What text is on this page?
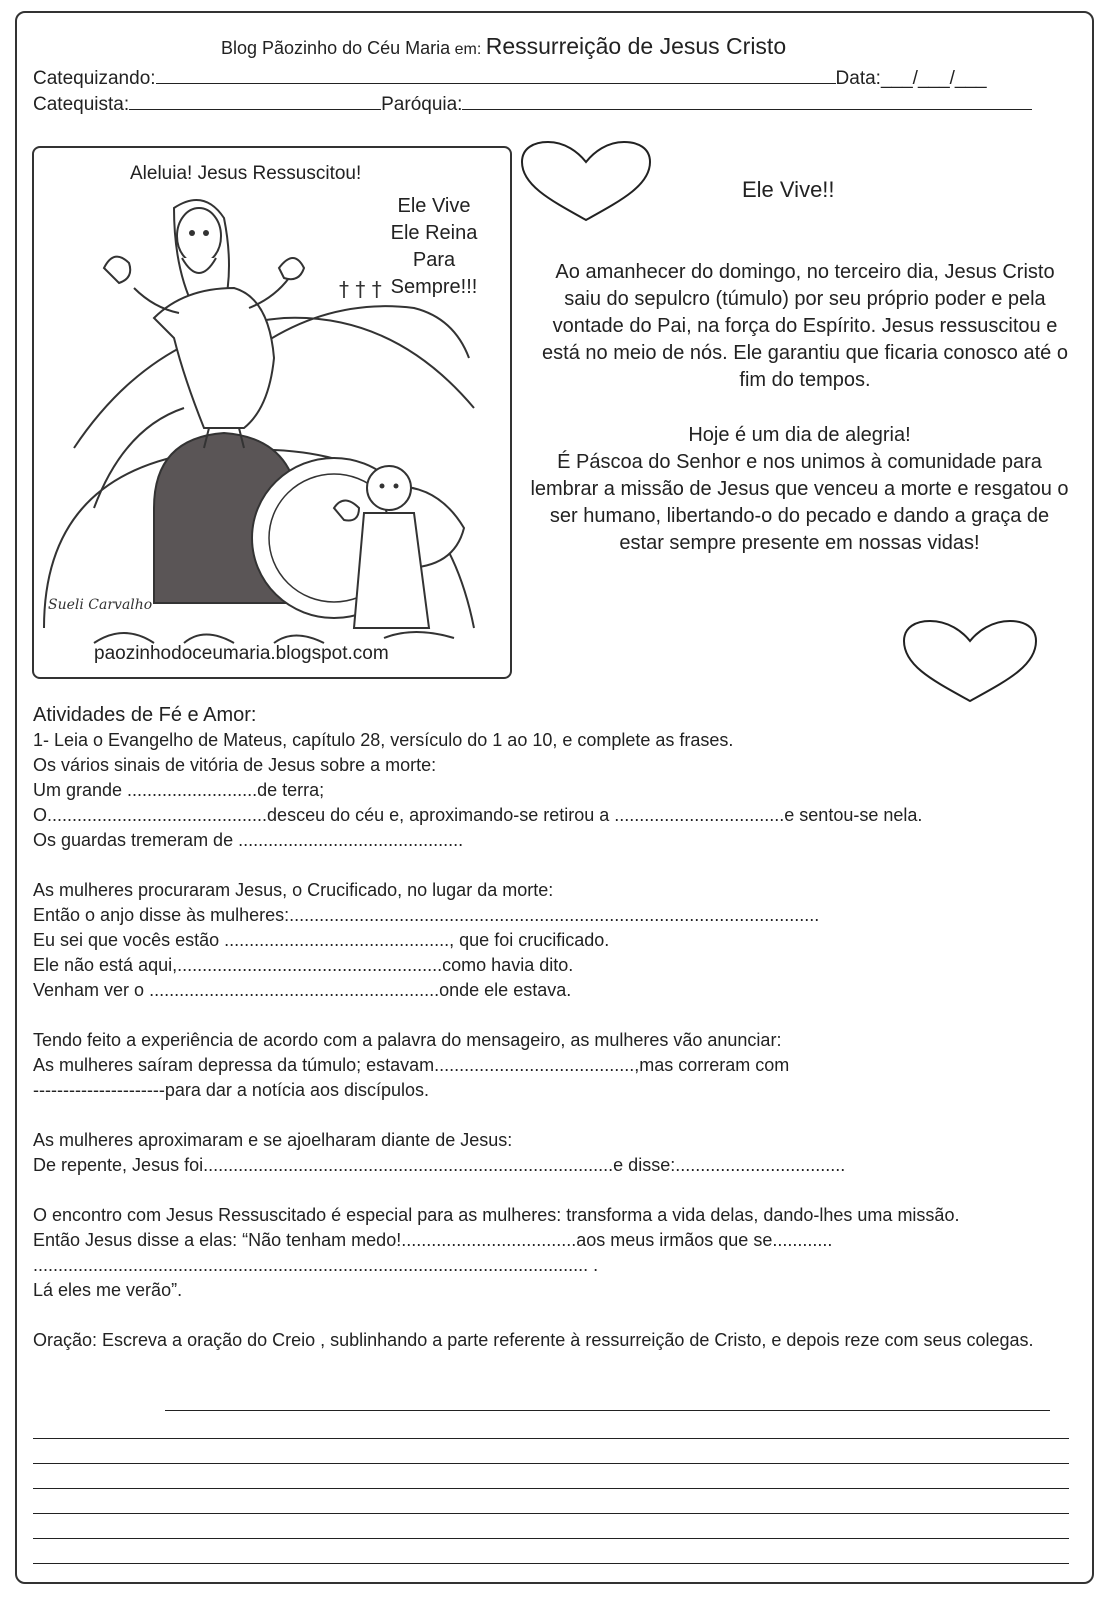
Blog Pãozinho do Céu Maria em: Ressurreição de Jesus Cristo
Catequizando:	Data:___/___/___
Catequista:	Paróquia:
† † †
Sueli Carvalho
Aleluia! Jesus Ressuscitou!
Ele Vive
Ele Reina
Para
Sempre!!!
paozinhodoceumaria.blogspot.com
Ele Vive!!
Ao amanhecer do domingo, no terceiro dia, Jesus Cristo saiu do sepulcro (túmulo) por seu próprio poder e pela vontade do Pai, na força do Espírito. Jesus ressuscitou e está no meio de nós. Ele garantiu que ficaria conosco até o fim do tempos.
Hoje é um dia de alegria!
É Páscoa do Senhor e nos unimos à comunidade para lembrar a missão de Jesus que venceu a morte e resgatou o ser humano, libertando-o do pecado e dando a graça de estar sempre presente em nossas vidas!

Atividades de Fé e Amor:

1- Leia o Evangelho de Mateus, capítulo 28, versículo do 1 ao 10, e complete as frases.

Os vários sinais de vitória de Jesus sobre a morte:

Um grande ..........................de terra;

O............................................desceu do céu e, aproximando-se retirou a ..................................e sentou-se nela.

Os guardas tremeram de .............................................

As mulheres procuraram Jesus, o Crucificado, no lugar da morte:

Então o anjo disse às mulheres:..........................................................................................................

Eu sei que vocês estão ............................................., que foi crucificado.

Ele não está aqui,.....................................................como havia dito.

Venham ver o ..........................................................onde ele estava.

Tendo feito a experiência de acordo com a palavra do mensageiro, as mulheres vão anunciar:

As mulheres saíram depressa da túmulo; estavam........................................,mas correram com

----------------------para dar a notícia aos discípulos.

As mulheres aproximaram e se ajoelharam diante de Jesus:

De repente, Jesus foi..................................................................................e disse:..................................

O encontro com Jesus Ressuscitado é especial para as mulheres: transforma a vida delas, dando-lhes uma missão.

Então Jesus disse a elas: “Não tenham medo!...................................aos meus irmãos que se............

............................................................................................................... .

Lá eles me verão”.

Oração: Escreva a oração do Creio , sublinhando a parte referente à ressurreição de Cristo, e depois reze com seus colegas.
